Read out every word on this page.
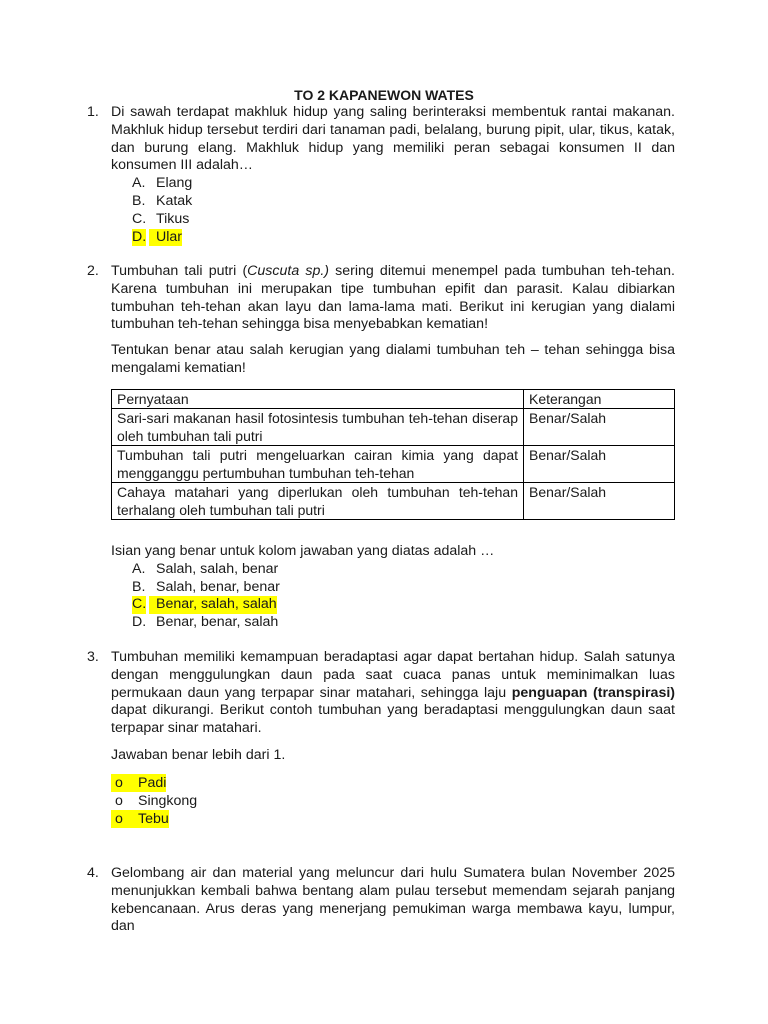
TO 2 KAPANEWON WATES
1. Di sawah terdapat makhluk hidup yang saling berinteraksi membentuk rantai makanan. Makhluk hidup tersebut terdiri dari tanaman padi, belalang, burung pipit, ular, tikus, katak, dan burung elang. Makhluk hidup yang memiliki peran sebagai konsumen II dan konsumen III adalah…

A. Elang
B. Katak
C. Tikus
D. Ular
2. Tumbuhan tali putri (Cuscuta sp.) sering ditemui menempel pada tumbuhan teh-tehan. Karena tumbuhan ini merupakan tipe tumbuhan epifit dan parasit. Kalau dibiarkan tumbuhan teh-tehan akan layu dan lama-lama mati. Berikut ini kerugian yang dialami tumbuhan teh-tehan sehingga bisa menyebabkan kematian!

Tentukan benar atau salah kerugian yang dialami tumbuhan teh – tehan sehingga bisa mengalami kematian!

Pernyataan	Keterangan
Sari-sari makanan hasil fotosintesis tumbuhan teh-tehan diserap oleh tumbuhan tali putri	Benar/Salah
Tumbuhan tali putri mengeluarkan cairan kimia yang dapat mengganggu pertumbuhan tumbuhan teh-tehan	Benar/Salah
Cahaya matahari yang diperlukan oleh tumbuhan teh-tehan terhalang oleh tumbuhan tali putri	Benar/Salah

Isian yang benar untuk kolom jawaban yang diatas adalah …

A. Salah, salah, benar
B. Salah, benar, benar
C. Benar, salah, salah
D. Benar, benar, salah
3. Tumbuhan memiliki kemampuan beradaptasi agar dapat bertahan hidup. Salah satunya dengan menggulungkan daun pada saat cuaca panas untuk meminimalkan luas permukaan daun yang terpapar sinar matahari, sehingga laju penguapan (transpirasi) dapat dikurangi. Berikut contoh tumbuhan yang beradaptasi menggulungkan daun saat terpapar sinar matahari.

Jawaban benar lebih dari 1.

o	Padi
o Singkong
o	Tebu
4. Gelombang air dan material yang meluncur dari hulu Sumatera bulan November 2025 menunjukkan kembali bahwa bentang alam pulau tersebut memendam sejarah panjang kebencanaan. Arus deras yang menerjang pemukiman warga membawa kayu, lumpur, dan
